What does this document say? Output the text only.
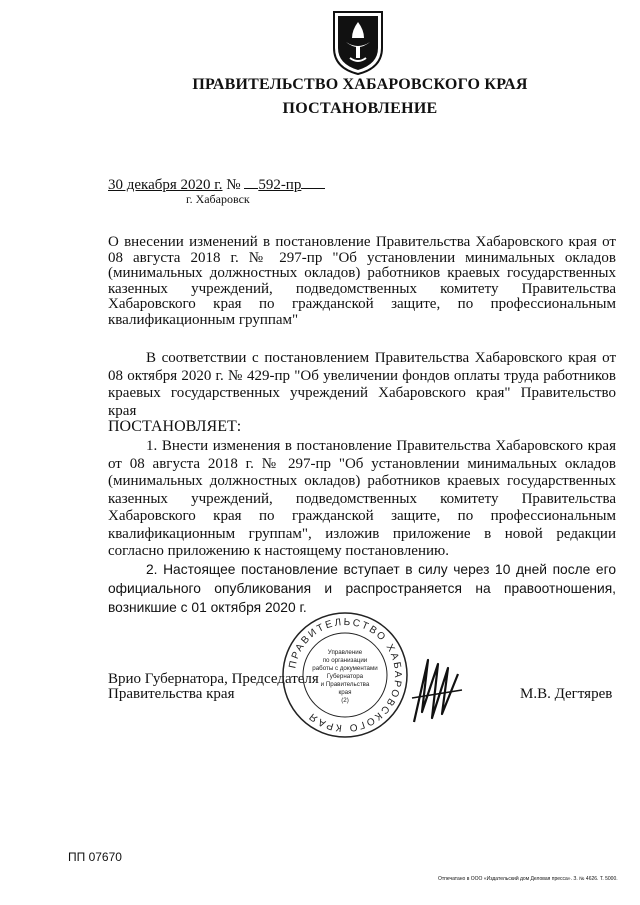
ПРАВИТЕЛЬСТВО ХАБАРОВСКОГО КРАЯ
ПОСТАНОВЛЕНИЕ
30 декабря 2020 г. № 592-пр
г. Хабаровск
О внесении изменений в постановление Правительства Хабаровского края от 08 августа 2018 г. № 297-пр "Об установлении минимальных окладов (минимальных должностных окладов) работников краевых государственных казенных учреждений, подведомственных комитету Правительства Хабаровского края по гражданской защите, по профессиональным квалификационным группам"
В соответствии с постановлением Правительства Хабаровского края от 08 октября 2020 г. № 429-пр "Об увеличении фондов оплаты труда работников краевых государственных учреждений Хабаровского края" Правительство края
ПОСТАНОВЛЯЕТ:
1. Внести изменения в постановление Правительства Хабаровского края от 08 августа 2018 г. № 297-пр "Об установлении минимальных окладов (минимальных должностных окладов) работников краевых государственных казенных учреждений, подведомственных комитету Правительства Хабаровского края по гражданской защите, по профессиональным квалификационным группам", изложив приложение в новой редакции согласно приложению к настоящему постановлению.
2. Настоящее постановление вступает в силу через 10 дней после его официального опубликования и распространяется на правоотношения, возникшие с 01 октября 2020 г.
Врио Губернатора, Председателя
Правительства края
ПРАВИТЕЛЬСТВО ХАБАРОВСКОГО КРАЯ
Управление
по организации
работы с документами
Губернатора
и Правительства
края
(2)	М.В. Дегтярев
ПП 07670
Отпечатано в ООО «Издательский дом Деловая пресса». З. № 4626. Т. 5000.
